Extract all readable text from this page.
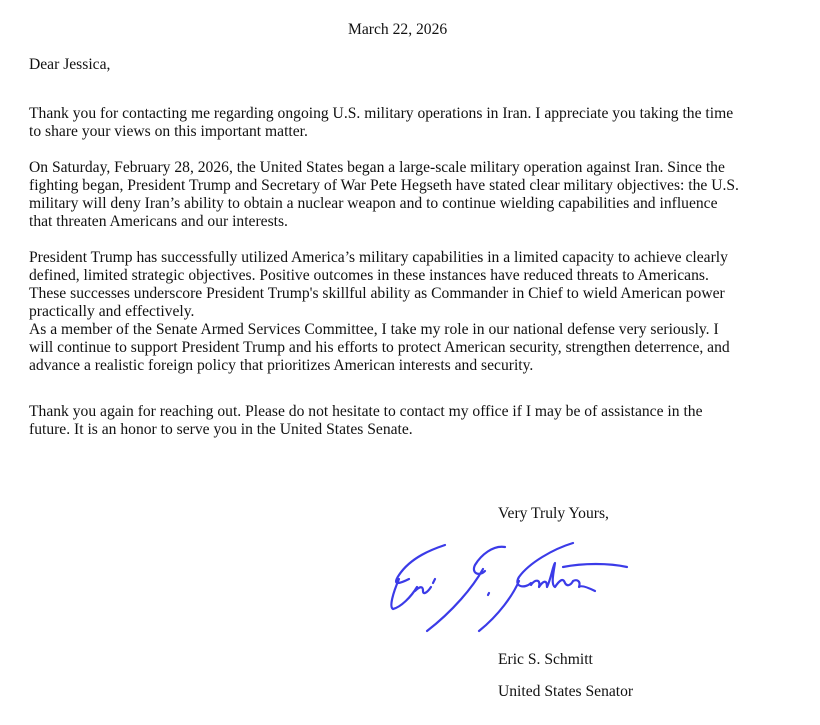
March 22, 2026
Dear Jessica,
Thank you for contacting me regarding ongoing U.S. military operations in Iran. I appreciate you taking the time
to share your views on this important matter.
On Saturday, February 28, 2026, the United States began a large-scale military operation against Iran. Since the
fighting began, President Trump and Secretary of War Pete Hegseth have stated clear military objectives: the U.S.
military will deny Iran’s ability to obtain a nuclear weapon and to continue wielding capabilities and influence
that threaten Americans and our interests.
President Trump has successfully utilized America’s military capabilities in a limited capacity to achieve clearly
defined, limited strategic objectives. Positive outcomes in these instances have reduced threats to Americans.
These successes underscore President Trump's skillful ability as Commander in Chief to wield American power
practically and effectively.
As a member of the Senate Armed Services Committee, I take my role in our national defense very seriously. I
will continue to support President Trump and his efforts to protect American security, strengthen deterrence, and
advance a realistic foreign policy that prioritizes American interests and security.
Thank you again for reaching out. Please do not hesitate to contact my office if I may be of assistance in the
future. It is an honor to serve you in the United States Senate.
Very Truly Yours,
Eric S. Schmitt
United States Senator
